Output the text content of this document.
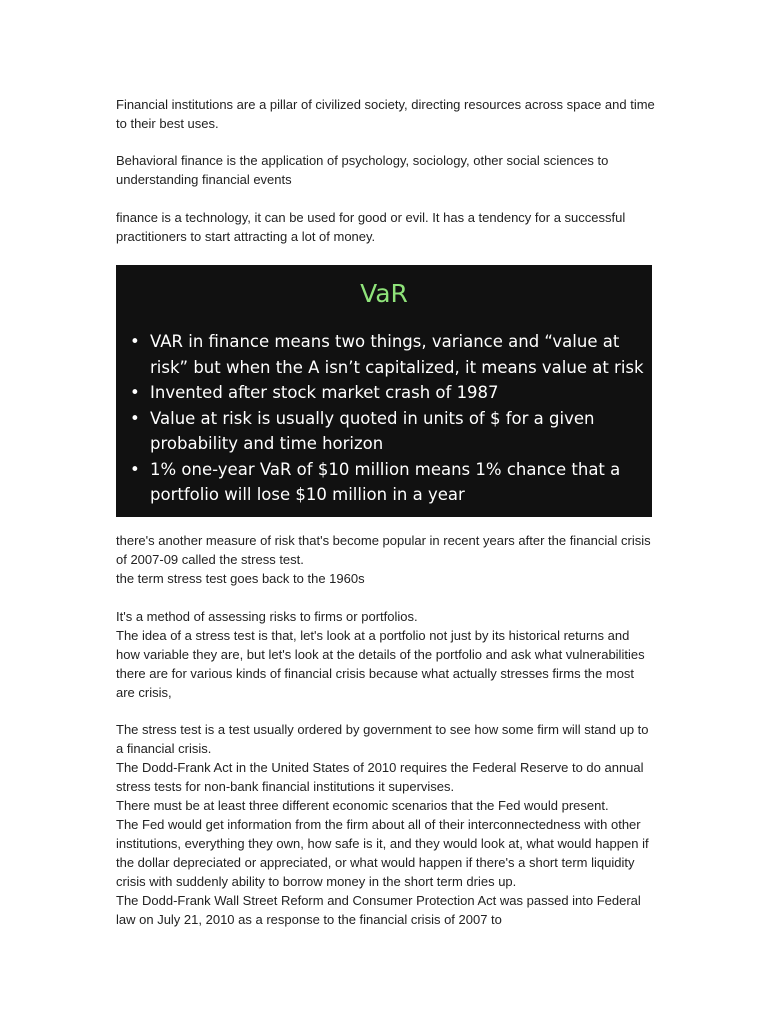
Financial institutions are a pillar of civilized society, directing resources across space and time to their best uses.

Behavioral finance is the application of psychology, sociology, other social sciences to understanding financial events

finance is a technology, it can be used for good or evil. It has a tendency for a successful practitioners to start attracting a lot of money.

VaR
• VAR in finance means two things, variance and “value at risk” but when the A isn’t capitalized, it means value at risk
• Invented after stock market crash of 1987
• Value at risk is usually quoted in units of $ for a given probability and time horizon
• 1% one-year VaR of $10 million means 1% chance that a portfolio will lose $10 million in a year

there's another measure of risk that's become popular in recent years after the financial crisis of 2007-09 called the stress test.
the term stress test goes back to the 1960s

It's a method of assessing risks to firms or portfolios.
The idea of a stress test is that, let's look at a portfolio not just by its historical returns and how variable they are, but let's look at the details of the portfolio and ask what vulnerabilities there are for various kinds of financial crisis because what actually stresses firms the most are crisis,

The stress test is a test usually ordered by government to see how some firm will stand up to a financial crisis.
The Dodd-Frank Act in the United States of 2010 requires the Federal Reserve to do annual stress tests for non-bank financial institutions it supervises.
There must be at least three different economic scenarios that the Fed would present.
The Fed would get information from the firm about all of their interconnectedness with other institutions, everything they own, how safe is it, and they would look at, what would happen if the dollar depreciated or appreciated, or what would happen if there's a short term liquidity crisis with suddenly ability to borrow money in the short term dries up.
The Dodd-Frank Wall Street Reform and Consumer Protection Act was passed into Federal law on July 21, 2010 as a response to the financial crisis of 2007 to
